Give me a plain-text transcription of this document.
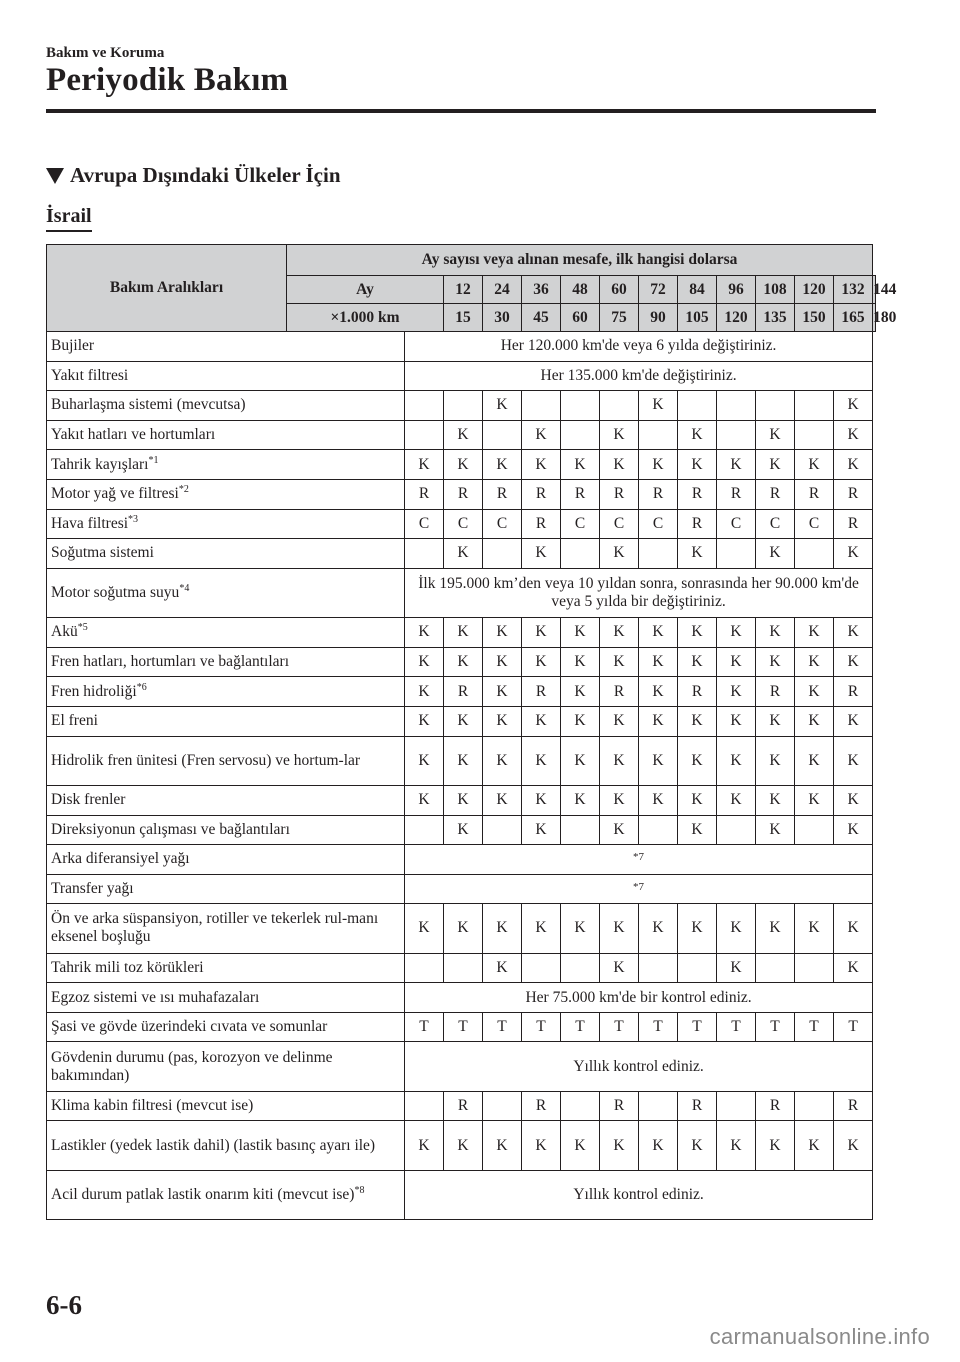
Bakım ve Koruma
Periyodik Bakım
Avrupa Dışındaki Ülkeler İçin
İsrail
Bakım Aralıkları	Ay sayısı veya alınan mesafe, ilk hangisi dolarsa													
	Ay		12	24	36	48	60	72	84	96	108	120	132	144
	×1.000 km		15	30	45	60	75	90	105	120	135	150	165	180
Bujiler		Her 120.000 km'de veya 6 yılda değiştiriniz.												
Yakıt filtresi		Her 135.000 km'de değiştiriniz.												
Buharlaşma sistemi (mevcutsa)				K				K					K	
Yakıt hatları ve hortumları			K		K		K		K		K		K	
Tahrik kayışları$^{*1}$		K	K	K	K	K	K	K	K	K	K	K	K	
Motor yağ ve filtresi$^{*2}$		R	R	R	R	R	R	R	R	R	R	R	R	
Hava filtresi$^{*3}$		C	C	C	R	C	C	C	R	C	C	C	R	
Soğutma sistemi			K		K		K		K		K		K	
Motor soğutma suyu$^{*4}$		İlk 195.000 km’den veya 10 yıldan sonra, sonrasında her 90.000 km'de veya 5 yılda bir değiştiriniz.												
Akü$^{*5}$		K	K	K	K	K	K	K	K	K	K	K	K	
Fren hatları, hortumları ve bağlantıları		K	K	K	K	K	K	K	K	K	K	K	K	
Fren hidroliği$^{*6}$		K	R	K	R	K	R	K	R	K	R	K	R	
El freni		K	K	K	K	K	K	K	K	K	K	K	K	
Hidrolik fren ünitesi (Fren servosu) ve hortum-lar		K	K	K	K	K	K	K	K	K	K	K	K	
Disk frenler		K	K	K	K	K	K	K	K	K	K	K	K	
Direksiyonun çalışması ve bağlantıları			K		K		K		K		K		K	
Arka diferansiyel yağı		*7												
Transfer yağı		*7												
Ön ve arka süspansiyon, rotiller ve tekerlek rul-manı eksenel boşluğu		K	K	K	K	K	K	K	K	K	K	K	K	
Tahrik mili toz körükleri				K			K			K			K	
Egzoz sistemi ve ısı muhafazaları		Her 75.000 km'de bir kontrol ediniz.												
Şasi ve gövde üzerindeki cıvata ve somunlar		T	T	T	T	T	T	T	T	T	T	T	T	
Gövdenin durumu (pas, korozyon ve delinme bakımından)		Yıllık kontrol ediniz.												
Klima kabin filtresi (mevcut ise)			R		R		R		R		R		R	
Lastikler (yedek lastik dahil) (lastik basınç ayarı ile)		K	K	K	K	K	K	K	K	K	K	K	K	
Acil durum patlak lastik onarım kiti (mevcut ise)$^{*8}$		Yıllık kontrol ediniz.												
6-6
carmanualsonline.info
